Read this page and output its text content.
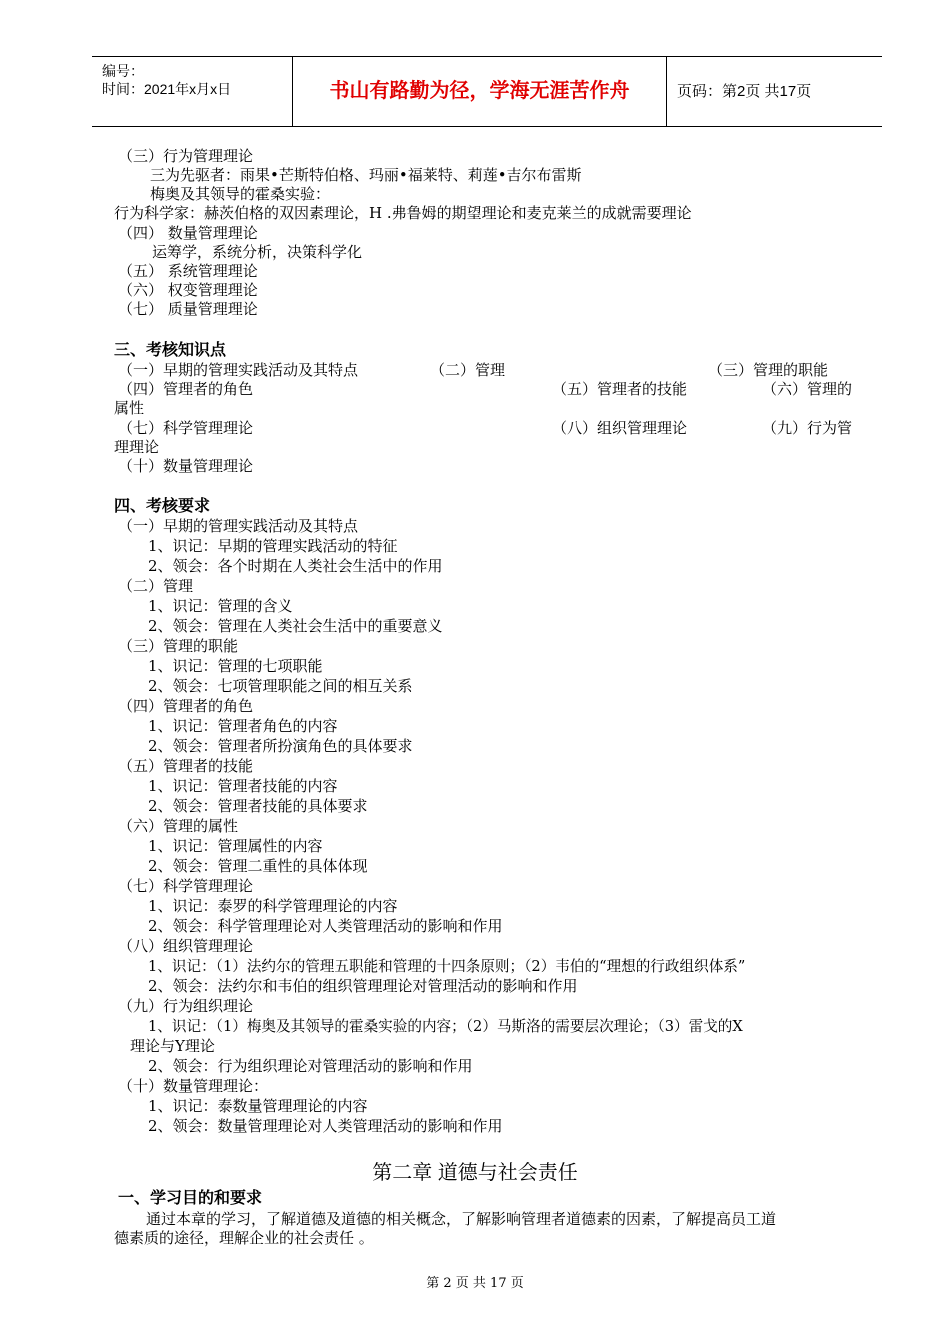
编号：
时间：2021年x月x日	书山有路勤为径，学海无涯苦作舟	页码：第2页 共17页
（三）行为管理理论
三为先驱者：雨果•芒斯特伯格、玛丽•福莱特、莉莲•吉尔布雷斯
梅奥及其领导的霍桑实验：
行为科学家：赫茨伯格的双因素理论，H .弗鲁姆的期望理论和麦克莱兰的成就需要理论
（四） 数量管理理论
运筹学，系统分析，决策科学化
（五） 系统管理理论
（六） 权变管理理论
（七） 质量管理理论
三、考核知识点
（一）早期的管理实践活动及其特点	（二）管理	（三）管理的职能
（四）管理者的角色	（五）管理者的技能	（六）管理的
属性
（七）科学管理理论	（八）组织管理理论	（九）行为管
理理论
（十）数量管理理论
四、考核要求
（一）早期的管理实践活动及其特点
1、识记：早期的管理实践活动的特征
2、领会：各个时期在人类社会生活中的作用
（二）管理
1、识记：管理的含义
2、领会：管理在人类社会生活中的重要意义
（三）管理的职能
1、识记：管理的七项职能
2、领会：七项管理职能之间的相互关系
（四）管理者的角色
1、识记：管理者角色的内容
2、领会：管理者所扮演角色的具体要求
（五）管理者的技能
1、识记：管理者技能的内容
2、领会：管理者技能的具体要求
（六）管理的属性
1、识记：管理属性的内容
2、领会：管理二重性的具体体现
（七）科学管理理论
1、识记：泰罗的科学管理理论的内容
2、领会：科学管理理论对人类管理活动的影响和作用
（八）组织管理理论
1、识记：（1）法约尔的管理五职能和管理的十四条原则；（2）韦伯的“理想的行政组织体系”
2、领会：法约尔和韦伯的组织管理理论对管理活动的影响和作用
（九）行为组织理论
1、识记：（1）梅奥及其领导的霍桑实验的内容；（2）马斯洛的需要层次理论；（3）雷戈的X
理论与Y理论
2、领会：行为组织理论对管理活动的影响和作用
（十）数量管理理论：
1、识记：泰数量管理理论的内容
2、领会：数量管理理论对人类管理活动的影响和作用
第二章 道德与社会责任
一、学习目的和要求
通过本章的学习，了解道德及道德的相关概念，了解影响管理者道德素的因素，了解提高员工道
德素质的途径，理解企业的社会责任 。
第 2 页 共 17 页
